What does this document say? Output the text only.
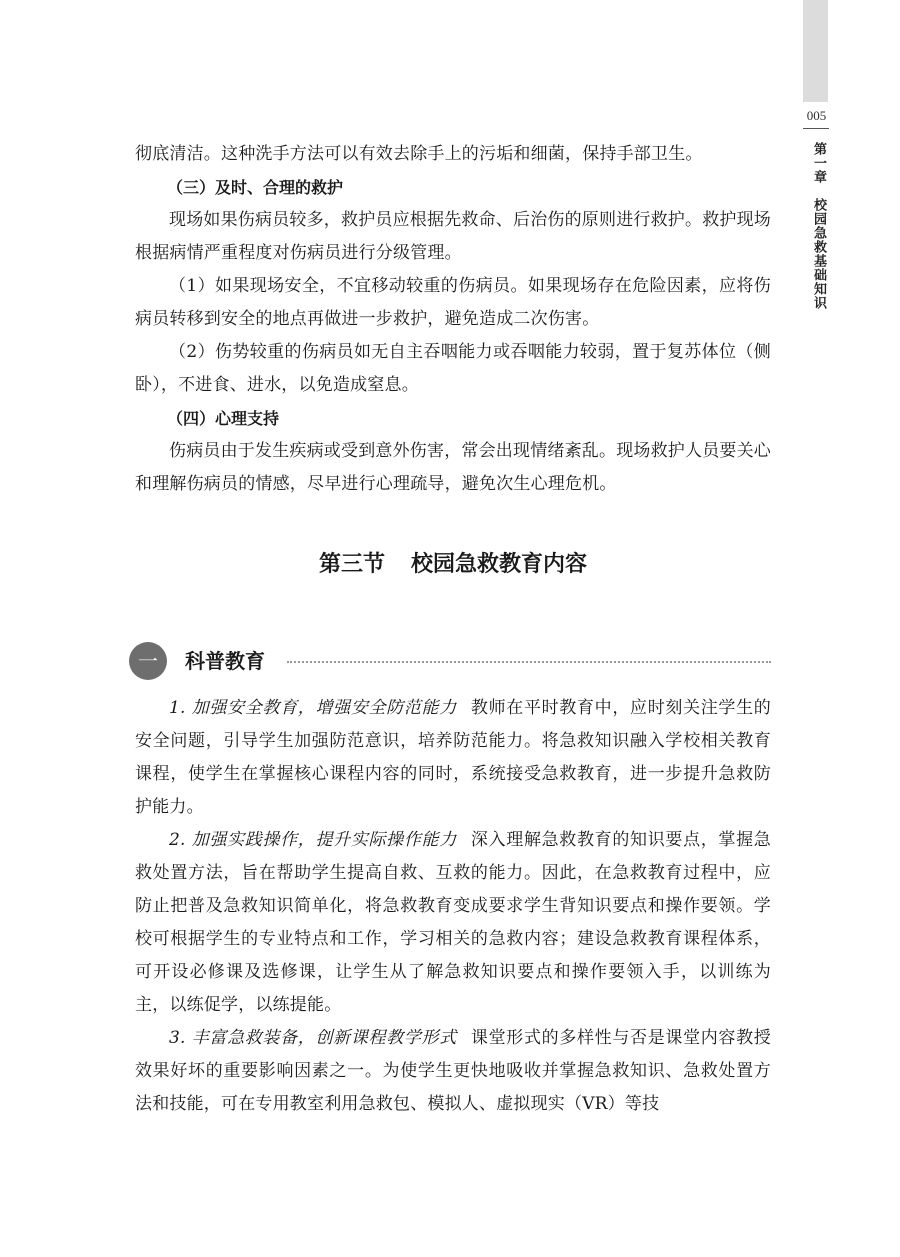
005
第一章　校园急救基础知识

彻底清洁。这种洗手方法可以有效去除手上的污垢和细菌，保持手部卫生。

（三）及时、合理的救护

现场如果伤病员较多，救护员应根据先救命、后治伤的原则进行救护。救护现场根据病情严重程度对伤病员进行分级管理。

（1）如果现场安全，不宜移动较重的伤病员。如果现场存在危险因素，应将伤病员转移到安全的地点再做进一步救护，避免造成二次伤害。

（2）伤势较重的伤病员如无自主吞咽能力或吞咽能力较弱，置于复苏体位（侧卧），不进食、进水，以免造成窒息。

（四）心理支持

伤病员由于发生疾病或受到意外伤害，常会出现情绪紊乱。现场救护人员要关心和理解伤病员的情感，尽早进行心理疏导，避免次生心理危机。

第三节 校园急救教育内容
一	科普教育

1. 加强安全教育，增强安全防范能力 教师在平时教育中，应时刻关注学生的安全问题，引导学生加强防范意识，培养防范能力。将急救知识融入学校相关教育课程，使学生在掌握核心课程内容的同时，系统接受急救教育，进一步提升急救防护能力。

2. 加强实践操作，提升实际操作能力 深入理解急救教育的知识要点，掌握急救处置方法，旨在帮助学生提高自救、互救的能力。因此，在急救教育过程中，应防止把普及急救知识简单化，将急救教育变成要求学生背知识要点和操作要领。学校可根据学生的专业特点和工作，学习相关的急救内容；建设急救教育课程体系，可开设必修课及选修课，让学生从了解急救知识要点和操作要领入手，以训练为主，以练促学，以练提能。

3. 丰富急救装备，创新课程教学形式 课堂形式的多样性与否是课堂内容教授效果好坏的重要影响因素之一。为使学生更快地吸收并掌握急救知识、急救处置方法和技能，可在专用教室利用急救包、模拟人、虚拟现实（VR）等技
